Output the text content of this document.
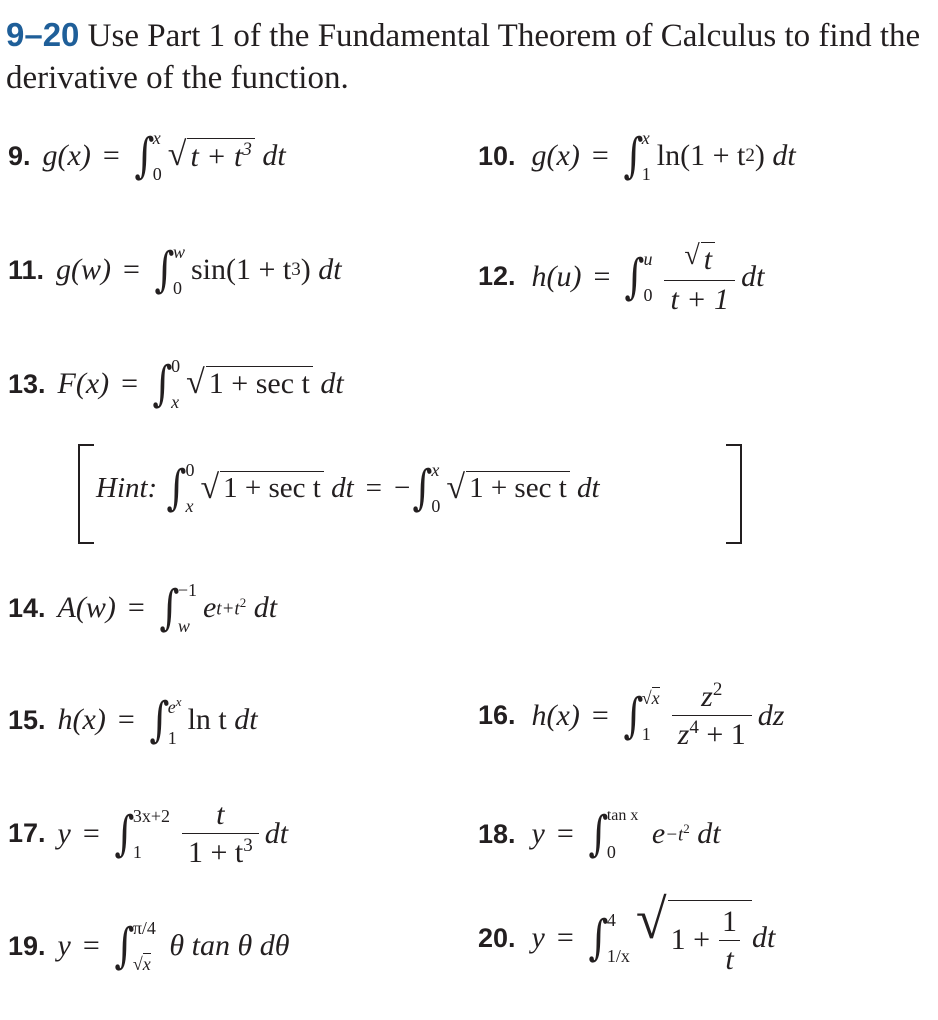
9–20 Use Part 1 of the Fundamental Theorem of Calculus to find the derivative of the function.
9. g(x) = ∫
x
0
√ $t + t^3$
dt	10. g(x) = ∫
x
1
ln(1 + t 2 )
dt
11. g(w) = ∫
w
0
sin(1 + t 3 )
dt	12. h(u) = ∫
u
$0 \frac{√ t}{t + 1}$ dt
13. F(x) = ∫
0
x
√ 1 + sec t
dt
Hint:
∫
0
x
√ 1 + sec t
dt = − ∫
x
0
√ 1 + sec t
dt
14. A(w) = ∫
−1
w
e $t+t^2$
dt
15. h(x) = ∫
$e^x$
1
ln t
dt	16. h(x) = ∫
√x
$1 \frac{z^2}{z^4 + 1}$ dz
17. y = ∫
3x+2
1	$\frac{t}{1 + t^3}$ dt	18. y = ∫
tan x
0

$e -t^2$
dt
19. y = ∫
π/4
√x

θ tan θ
dθ	20. y = ∫
4
1/x
√ $1 + \frac{1}{t}$ dt
